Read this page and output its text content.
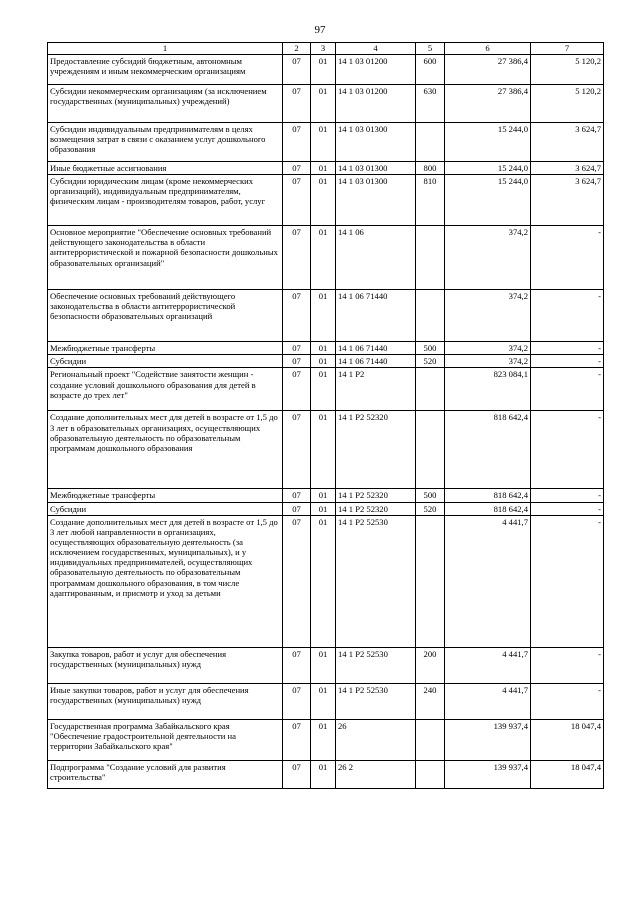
97
1	2	3	4	5	6	7
Предоставление субсидий бюджетным, автономным учреждениям и иным некоммерческим организациям	07	01	14 1 03 01200	600	27 386,4	5 120,2
Субсидии некоммерческим организациям (за исключением государственных (муниципальных) учреждений)	07	01	14 1 03 01200	630	27 386,4	5 120,2
Субсидии индивидуальным предпринимателям в целях возмещения затрат в связи с оказанием услуг дошкольного образования	07	01	14 1 03 01300		15 244,0	3 624,7
Иные бюджетные ассигнования	07	01	14 1 03 01300	800	15 244,0	3 624,7
Субсидии юридическим лицам (кроме некоммерческих организаций), индивидуальным предпринимателям, физическим лицам - производителям товаров, работ, услуг	07	01	14 1 03 01300	810	15 244,0	3 624,7
Основное мероприятие "Обеспечение основных требований действующего законодательства в области антитеррористической и пожарной безопасности дошкольных образовательных организаций"	07	01	14 1 06		374,2	-
Обеспечение основных требований действующего законодательства в области антитеррористической безопасности образовательных организаций	07	01	14 1 06 71440		374,2	-
Межбюджетные трансферты	07	01	14 1 06 71440	500	374,2	-
Субсидии	07	01	14 1 06 71440	520	374,2	-
Региональный проект "Содействие занятости женщин - создание условий дошкольного образования для детей в возрасте до трех лет"	07	01	14 1 P2		823 084,1	-
Создание дополнительных мест для детей в возрасте от 1,5 до 3 лет в образовательных организациях, осуществляющих образовательную деятельность по образовательным программам дошкольного образования	07	01	14 1 P2 52320		818 642,4	-
Межбюджетные трансферты	07	01	14 1 P2 52320	500	818 642,4	-
Субсидии	07	01	14 1 P2 52320	520	818 642,4	-
Создание дополнительных мест для детей в возрасте от 1,5 до 3 лет любой направленности в организациях, осуществляющих образовательную деятельность (за исключением государственных, муниципальных), и у индивидуальных предпринимателей, осуществляющих образовательную деятельность по образовательным программам дошкольного образования, в том числе адаптированным, и присмотр и уход за детьми	07	01	14 1 P2 52530		4 441,7	-
Закупка товаров, работ и услуг для обеспечения государственных (муниципальных) нужд	07	01	14 1 P2 52530	200	4 441,7	-
Иные закупки товаров, работ и услуг для обеспечения государственных (муниципальных) нужд	07	01	14 1 P2 52530	240	4 441,7	-
Государственная программа Забайкальского края "Обеспечение градостроительной деятельности на территории Забайкальского края"	07	01	26		139 937,4	18 047,4
Подпрограмма "Создание условий для развития строительства"	07	01	26 2		139 937,4	18 047,4
